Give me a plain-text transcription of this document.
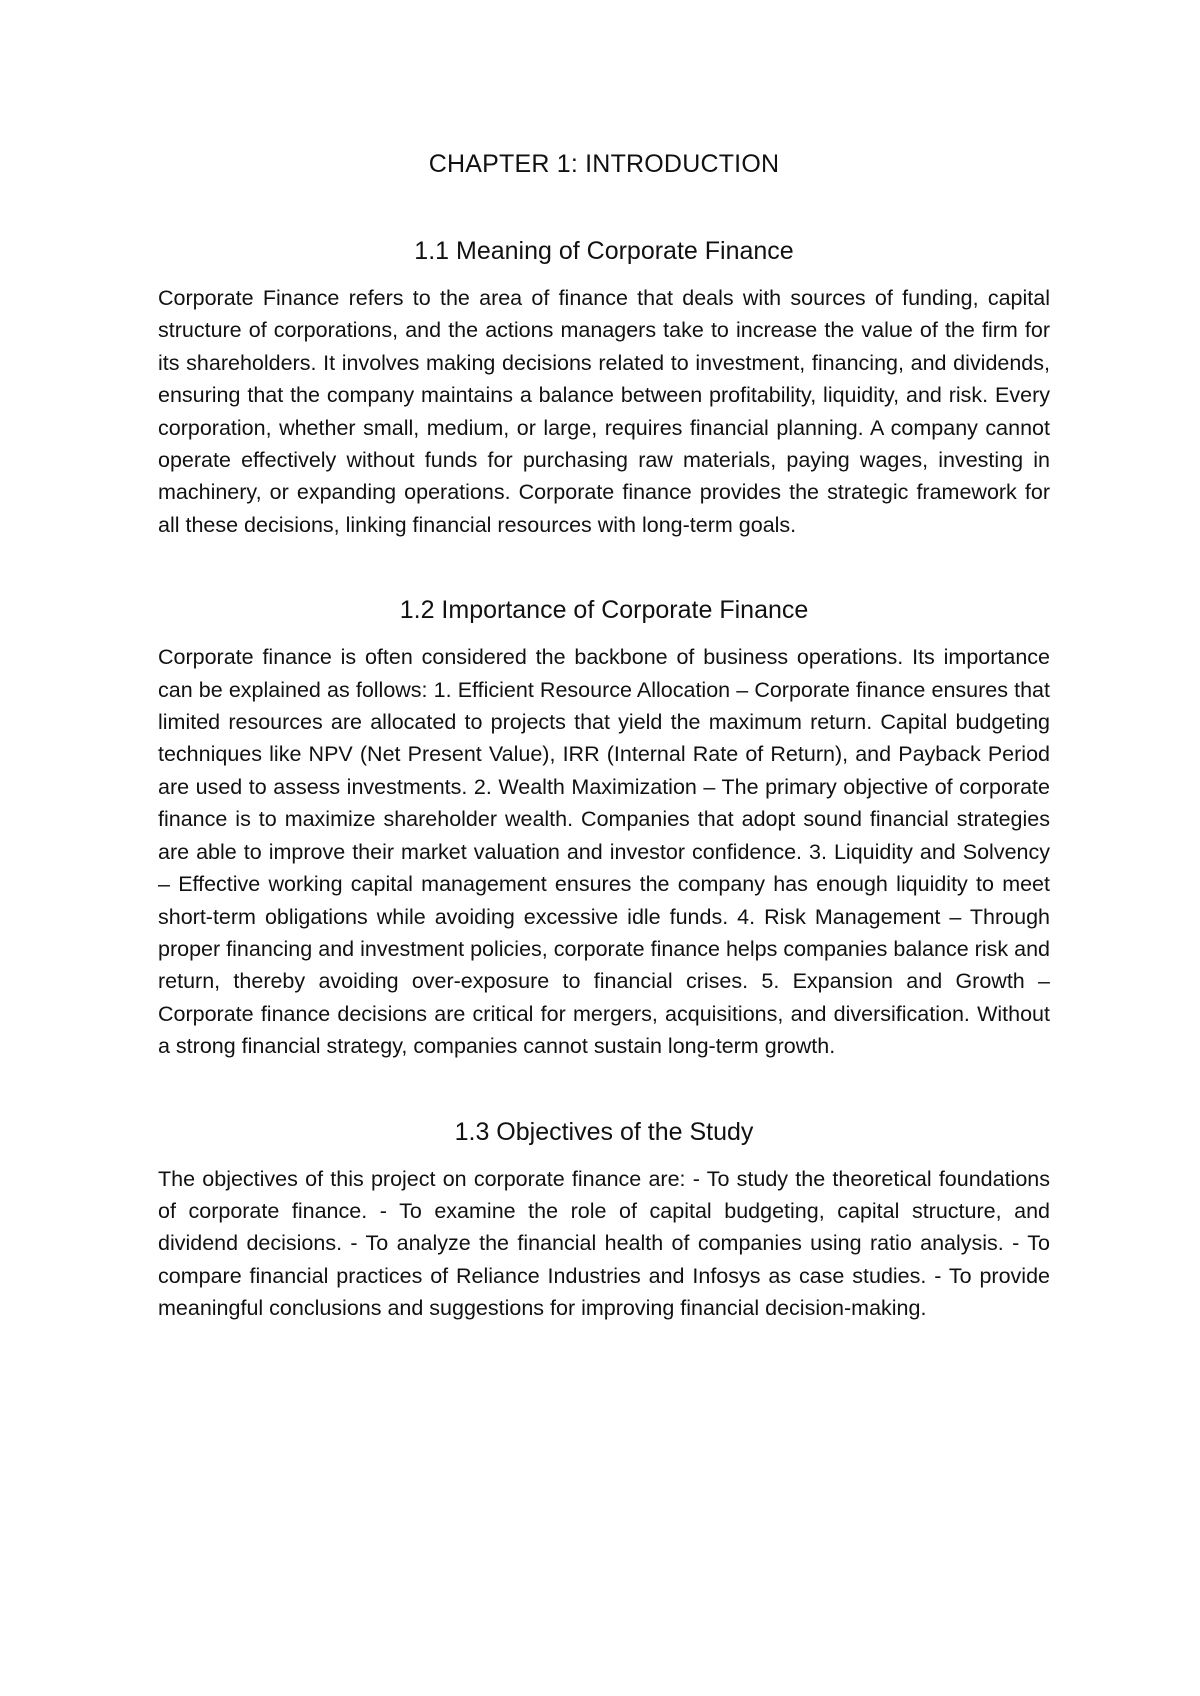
CHAPTER 1: INTRODUCTION
1.1 Meaning of Corporate Finance

Corporate Finance refers to the area of finance that deals with sources of funding, capital structure of corporations, and the actions managers take to increase the value of the firm for its shareholders. It involves making decisions related to investment, financing, and dividends, ensuring that the company maintains a balance between profitability, liquidity, and risk. Every corporation, whether small, medium, or large, requires financial planning. A company cannot operate effectively without funds for purchasing raw materials, paying wages, investing in machinery, or expanding operations. Corporate finance provides the strategic framework for all these decisions, linking financial resources with long-term goals.

1.2 Importance of Corporate Finance

Corporate finance is often considered the backbone of business operations. Its importance can be explained as follows: 1. Efficient Resource Allocation – Corporate finance ensures that limited resources are allocated to projects that yield the maximum return. Capital budgeting techniques like NPV (Net Present Value), IRR (Internal Rate of Return), and Payback Period are used to assess investments. 2. Wealth Maximization – The primary objective of corporate finance is to maximize shareholder wealth. Companies that adopt sound financial strategies are able to improve their market valuation and investor confidence. 3. Liquidity and Solvency – Effective working capital management ensures the company has enough liquidity to meet short-term obligations while avoiding excessive idle funds. 4. Risk Management – Through proper financing and investment policies, corporate finance helps companies balance risk and return, thereby avoiding over-exposure to financial crises. 5. Expansion and Growth – Corporate finance decisions are critical for mergers, acquisitions, and diversification. Without a strong financial strategy, companies cannot sustain long-term growth.

1.3 Objectives of the Study

The objectives of this project on corporate finance are: - To study the theoretical foundations of corporate finance. - To examine the role of capital budgeting, capital structure, and dividend decisions. - To analyze the financial health of companies using ratio analysis. - To compare financial practices of Reliance Industries and Infosys as case studies. - To provide meaningful conclusions and suggestions for improving financial decision-making.
